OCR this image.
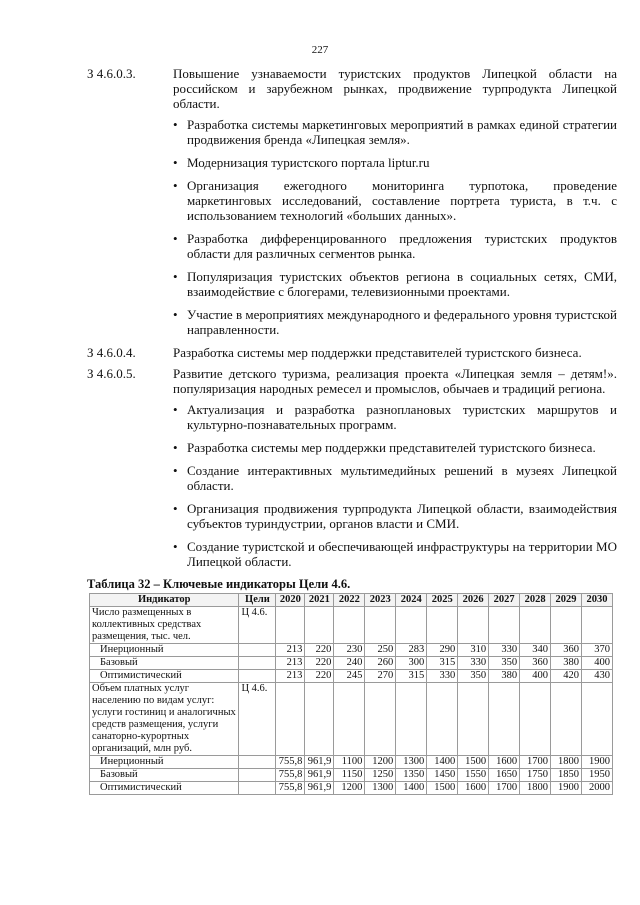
227
З 4.6.0.3.	Повышение узнаваемости туристских продуктов Липецкой области на российском и зарубежном рынках, продвижение турпродукта Липецкой области.
• Разработка системы маркетинговых мероприятий в рамках единой стратегии продвижения бренда «Липецкая земля».
• Модернизация туристского портала liptur.ru
• Организация ежегодного мониторинга турпотока, проведение маркетинговых исследований, составление портрета туриста, в т.ч. с использованием технологий «больших данных».
• Разработка дифференцированного предложения туристских продуктов области для различных сегментов рынка.
• Популяризация туристских объектов региона в социальных сетях, СМИ, взаимодействие с блогерами, телевизионными проектами.
• Участие в мероприятиях международного и федерального уровня туристской направленности.
З 4.6.0.4.	Разработка системы мер поддержки представителей туристского бизнеса.
З 4.6.0.5.	Развитие детского туризма, реализация проекта «Липецкая земля – детям!». популяризация народных ремесел и промыслов, обычаев и традиций региона.
• Актуализация и разработка разноплановых туристских маршрутов и культурно-познавательных программ.
• Разработка системы мер поддержки представителей туристского бизнеса.
• Создание интерактивных мультимедийных решений в музеях Липецкой области.
• Организация продвижения турпродукта Липецкой области, взаимодействия субъектов туриндустрии, органов власти и СМИ.
• Создание туристской и обеспечивающей инфраструктуры на территории МО Липецкой области.
Таблица 32 – Ключевые индикаторы Цели 4.6.
Индикатор	Цели	2020	2021	2022	2023	2024	2025	2026	2027	2028	2029	2030
Число размещенных в коллективных средствах размещения, тыс. чел.	Ц 4.6.											
Инерционный		213	220	230	250	283	290	310	330	340	360	370
Базовый		213	220	240	260	300	315	330	350	360	380	400
Оптимистический		213	220	245	270	315	330	350	380	400	420	430
Объем платных услуг населению по видам услуг: услуги гостиниц и аналогичных средств размещения, услуги санаторно-курортных организаций, млн руб.	Ц 4.6.											
Инерционный		755,8	961,9	1100	1200	1300	1400	1500	1600	1700	1800	1900
Базовый		755,8	961,9	1150	1250	1350	1450	1550	1650	1750	1850	1950
Оптимистический		755,8	961,9	1200	1300	1400	1500	1600	1700	1800	1900	2000
